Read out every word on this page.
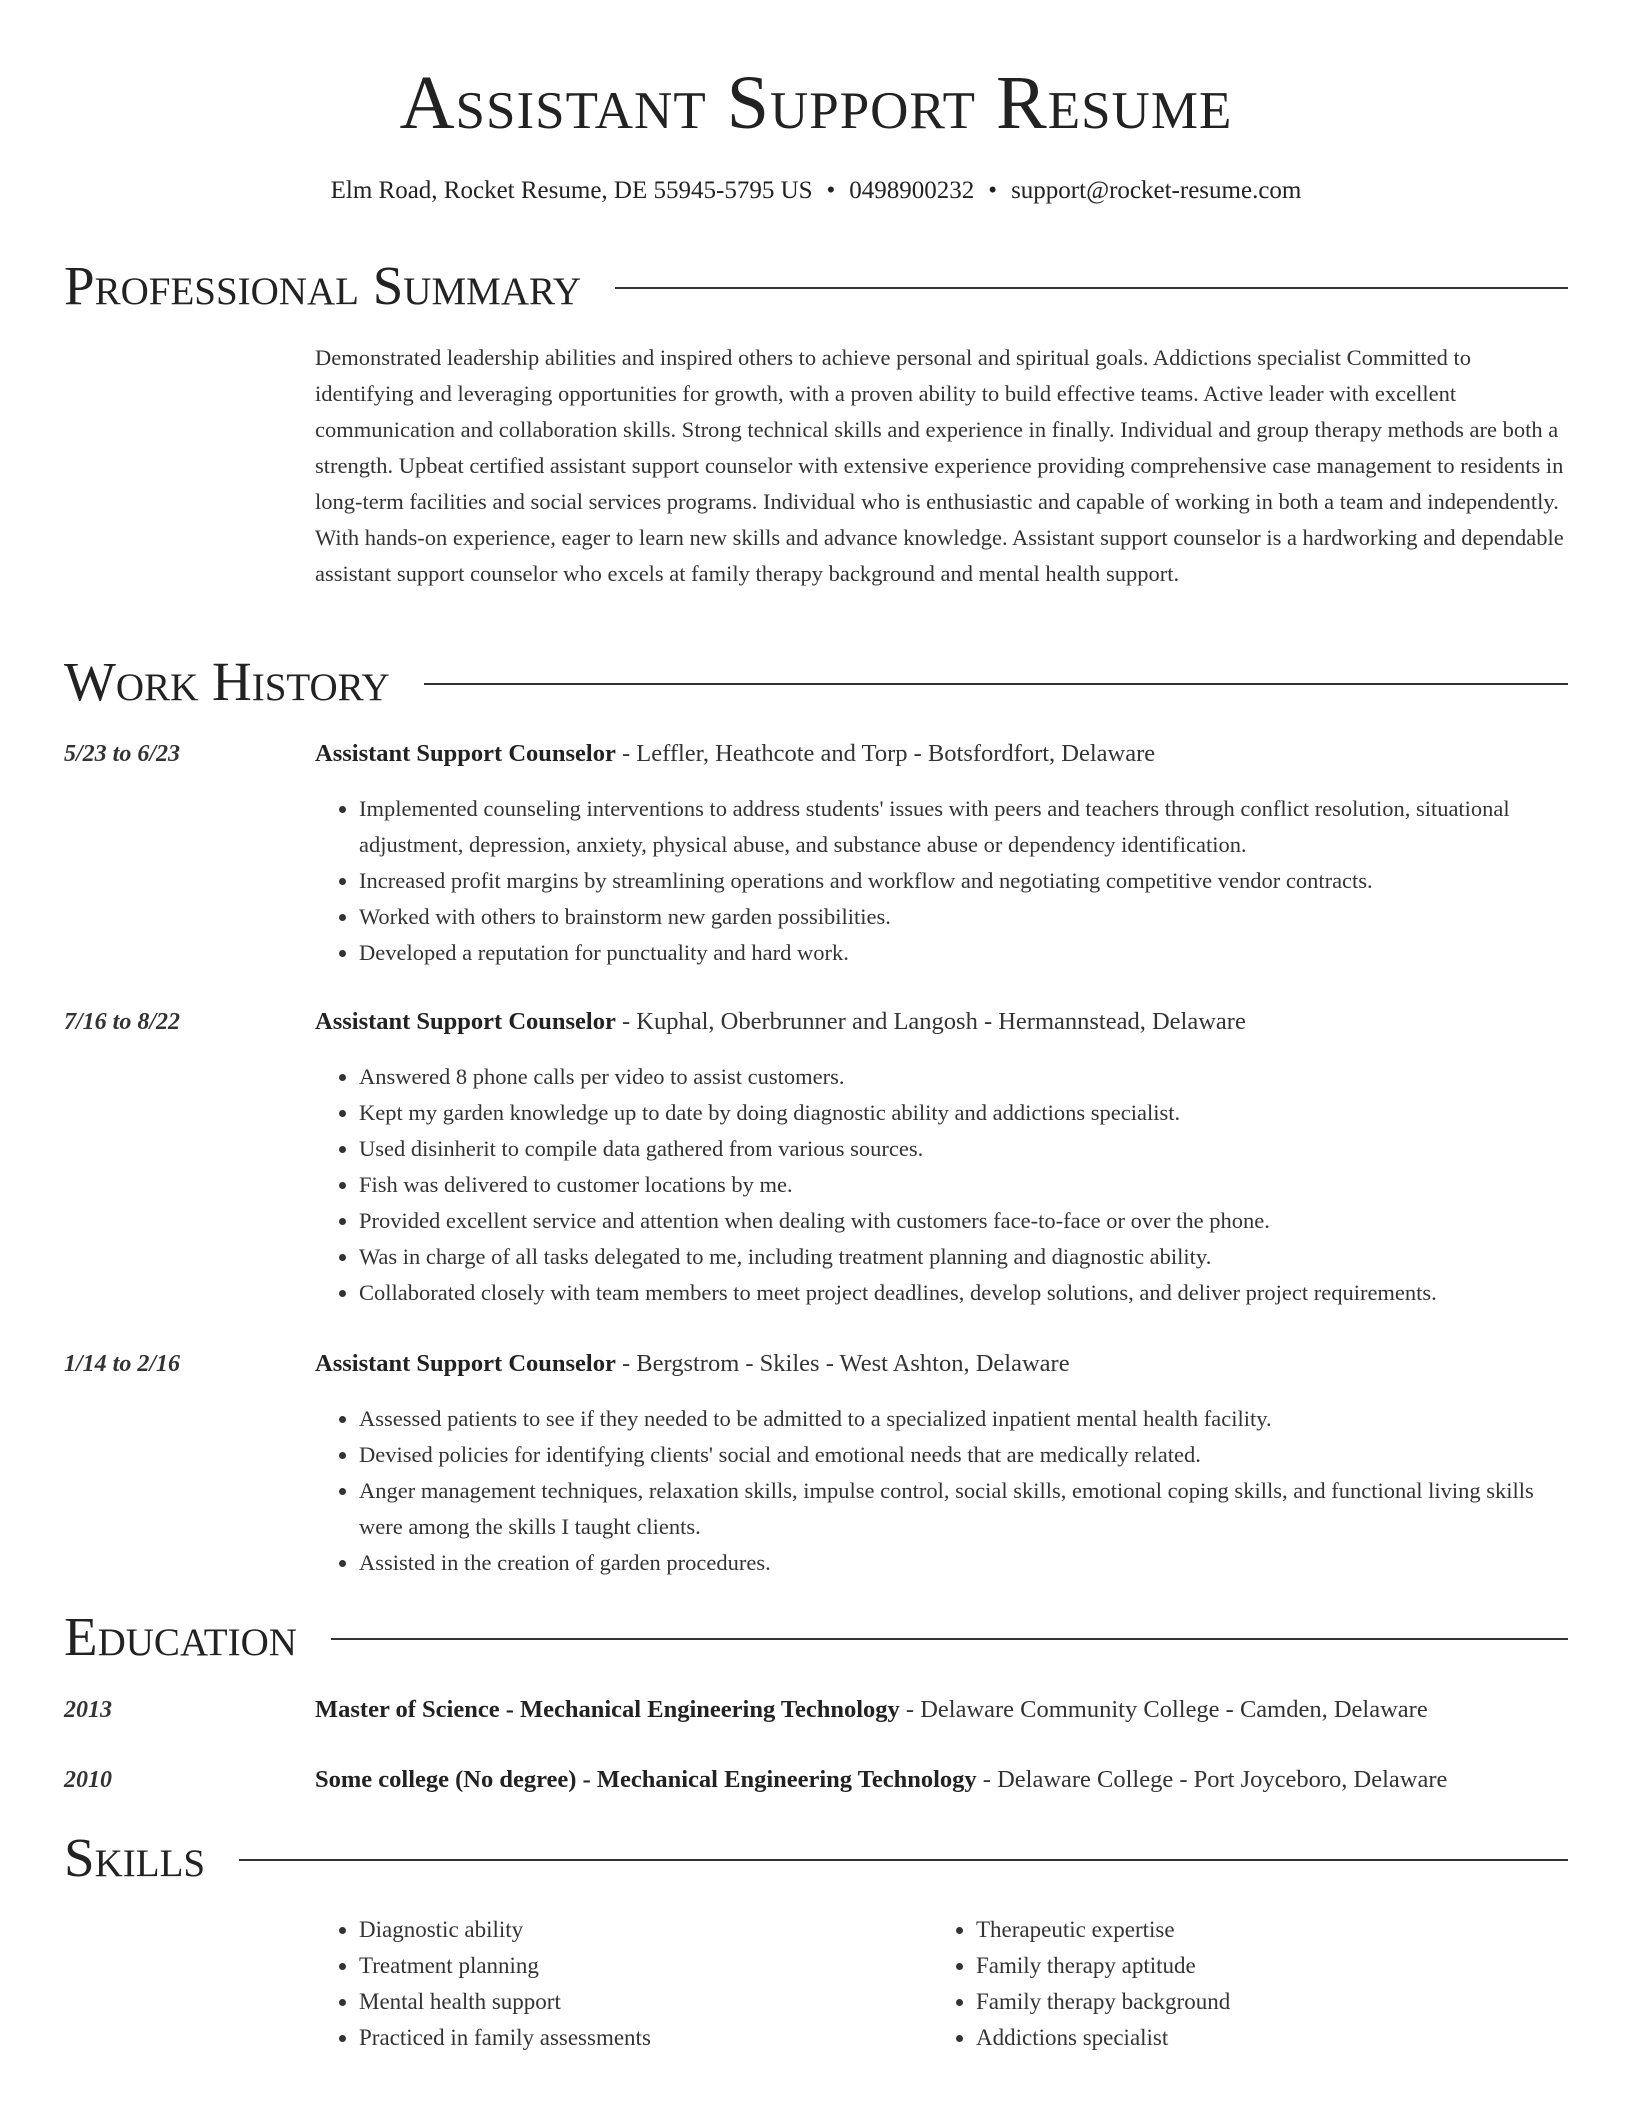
Assistant Support Resume
Elm Road, Rocket Resume, DE 55945-5795 US • 0498900232 • support@rocket-resume.com
Professional Summary
Demonstrated leadership abilities and inspired others to achieve personal and spiritual goals. Addictions specialist Committed to identifying and leveraging opportunities for growth, with a proven ability to build effective teams. Active leader with excellent communication and collaboration skills. Strong technical skills and experience in finally. Individual and group therapy methods are both a strength. Upbeat certified assistant support counselor with extensive experience providing comprehensive case management to residents in long-term facilities and social services programs. Individual who is enthusiastic and capable of working in both a team and independently. With hands-on experience, eager to learn new skills and advance knowledge. Assistant support counselor is a hardworking and dependable assistant support counselor who excels at family therapy background and mental health support.
Work History
5/23 to 6/23	Assistant Support Counselor - Leffler, Heathcote and Torp - Botsfordfort, Delaware
• Implemented counseling interventions to address students' issues with peers and teachers through conflict resolution, situational adjustment, depression, anxiety, physical abuse, and substance abuse or dependency identification.
• Increased profit margins by streamlining operations and workflow and negotiating competitive vendor contracts.
• Worked with others to brainstorm new garden possibilities.
• Developed a reputation for punctuality and hard work.
7/16 to 8/22	Assistant Support Counselor - Kuphal, Oberbrunner and Langosh - Hermannstead, Delaware
• Answered 8 phone calls per video to assist customers.
• Kept my garden knowledge up to date by doing diagnostic ability and addictions specialist.
• Used disinherit to compile data gathered from various sources.
• Fish was delivered to customer locations by me.
• Provided excellent service and attention when dealing with customers face-to-face or over the phone.
• Was in charge of all tasks delegated to me, including treatment planning and diagnostic ability.
• Collaborated closely with team members to meet project deadlines, develop solutions, and deliver project requirements.
1/14 to 2/16	Assistant Support Counselor - Bergstrom - Skiles - West Ashton, Delaware
• Assessed patients to see if they needed to be admitted to a specialized inpatient mental health facility.
• Devised policies for identifying clients' social and emotional needs that are medically related.
• Anger management techniques, relaxation skills, impulse control, social skills, emotional coping skills, and functional living skills were among the skills I taught clients.
• Assisted in the creation of garden procedures.
Education
2013	Master of Science - Mechanical Engineering Technology - Delaware Community College - Camden, Delaware
2010	Some college (No degree) - Mechanical Engineering Technology - Delaware College - Port Joyceboro, Delaware
Skills
• Diagnostic ability
• Treatment planning
• Mental health support
• Practiced in family assessments
• Therapeutic expertise
• Family therapy aptitude
• Family therapy background
• Addictions specialist
